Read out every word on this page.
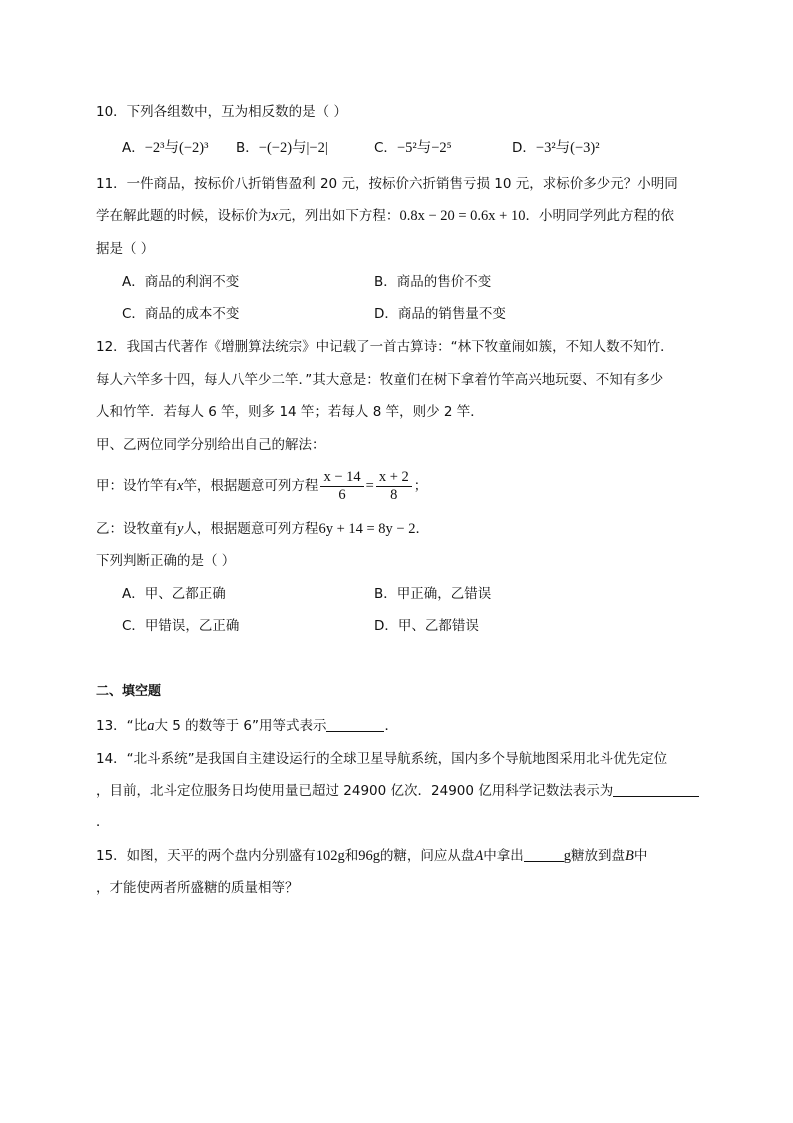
10．下列各组数中，互为相反数的是（ ）
A．−2³与(−2)³ B．−(−2)与|−2|	C．−5²与−2⁵	D．−3²与(−3)²
11．一件商品，按标价八折销售盈利 20 元，按标价六折销售亏损 10 元，求标价多少元？小明同
学在解此题的时候，设标价为x元，列出如下方程：0.8x − 20 = 0.6x + 10．小明同学列此方程的依
据是（ ）
A．商品的利润不变	B．商品的售价不变
C．商品的成本不变	D．商品的销售量不变
12．我国古代著作《增删算法统宗》中记载了一首古算诗：“林下牧童闹如簇，不知人数不知竹．
每人六竿多十四，每人八竿少二竿．”其大意是：牧童们在树下拿着竹竿高兴地玩耍、不知有多少
人和竹竿．若每人 6 竿，则多 14 竿；若每人 8 竿，则少 2 竿．
甲、乙两位同学分别给出自己的解法：
甲：设竹竿有x竿，根据题意可列方程 $\frac{x - 14}{6} = \frac{x + 2}{8}$ ；
乙：设牧童有y人，根据题意可列方程6y + 14 = 8y − 2．
下列判断正确的是（ ）
A．甲、乙都正确	B．甲正确，乙错误
C．甲错误，乙正确	D．甲、乙都错误
二、填空题
13．“比a大 5 的数等于 6”用等式表示	．
14．“北斗系统”是我国自主建设运行的全球卫星导航系统，国内多个导航地图采用北斗优先定位
，目前，北斗定位服务日均使用量已超过 24900 亿次．24900 亿用科学记数法表示为
．
15．如图，天平的两个盘内分别盛有102g和96g的糖，问应从盘A中拿出	g糖放到盘B中
，才能使两者所盛糖的质量相等？
